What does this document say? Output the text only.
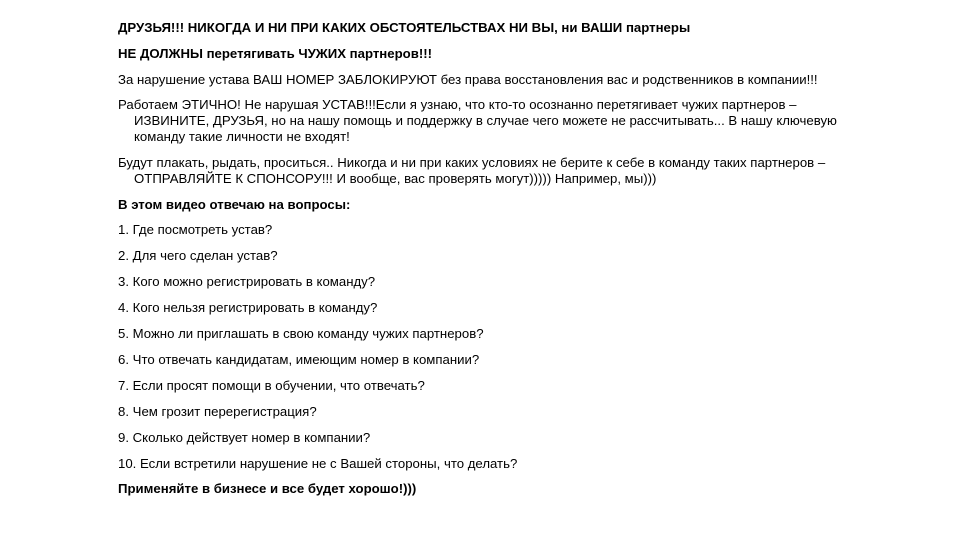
ДРУЗЬЯ!!! НИКОГДА И НИ ПРИ КАКИХ ОБСТОЯТЕЛЬСТВАХ НИ ВЫ, ни ВАШИ партнеры

НЕ ДОЛЖНЫ перетягивать ЧУЖИХ партнеров!!!

За нарушение устава ВАШ НОМЕР ЗАБЛОКИРУЮТ без права восстановления вас и родственников в компании!!!

Работаем ЭТИЧНО! Не нарушая УСТАВ!!!Если я узнаю, что кто-то осознанно перетягивает чужих партнеров – ИЗВИНИТЕ, ДРУЗЬЯ, но на нашу помощь и поддержку в случае чего можете не рассчитывать... В нашу ключевую команду такие личности не входят!

Будут плакать, рыдать, проситься.. Никогда и ни при каких условиях не берите к себе в команду таких партнеров – ОТПРАВЛЯЙТЕ К СПОНСОРУ!!! И вообще, вас проверять могут))))) Например, мы)))

В этом видео отвечаю на вопросы:

1. Где посмотреть устав?

2. Для чего сделан устав?

3. Кого можно регистрировать в команду?

4. Кого нельзя регистрировать в команду?

5. Можно ли приглашать в свою команду чужих партнеров?

6. Что отвечать кандидатам, имеющим номер в компании?

7. Если просят помощи в обучении, что отвечать?

8. Чем грозит перерегистрация?

9. Сколько действует номер в компании?

10. Если встретили нарушение не с Вашей стороны, что делать?

Применяйте в бизнесе и все будет хорошо!)))
